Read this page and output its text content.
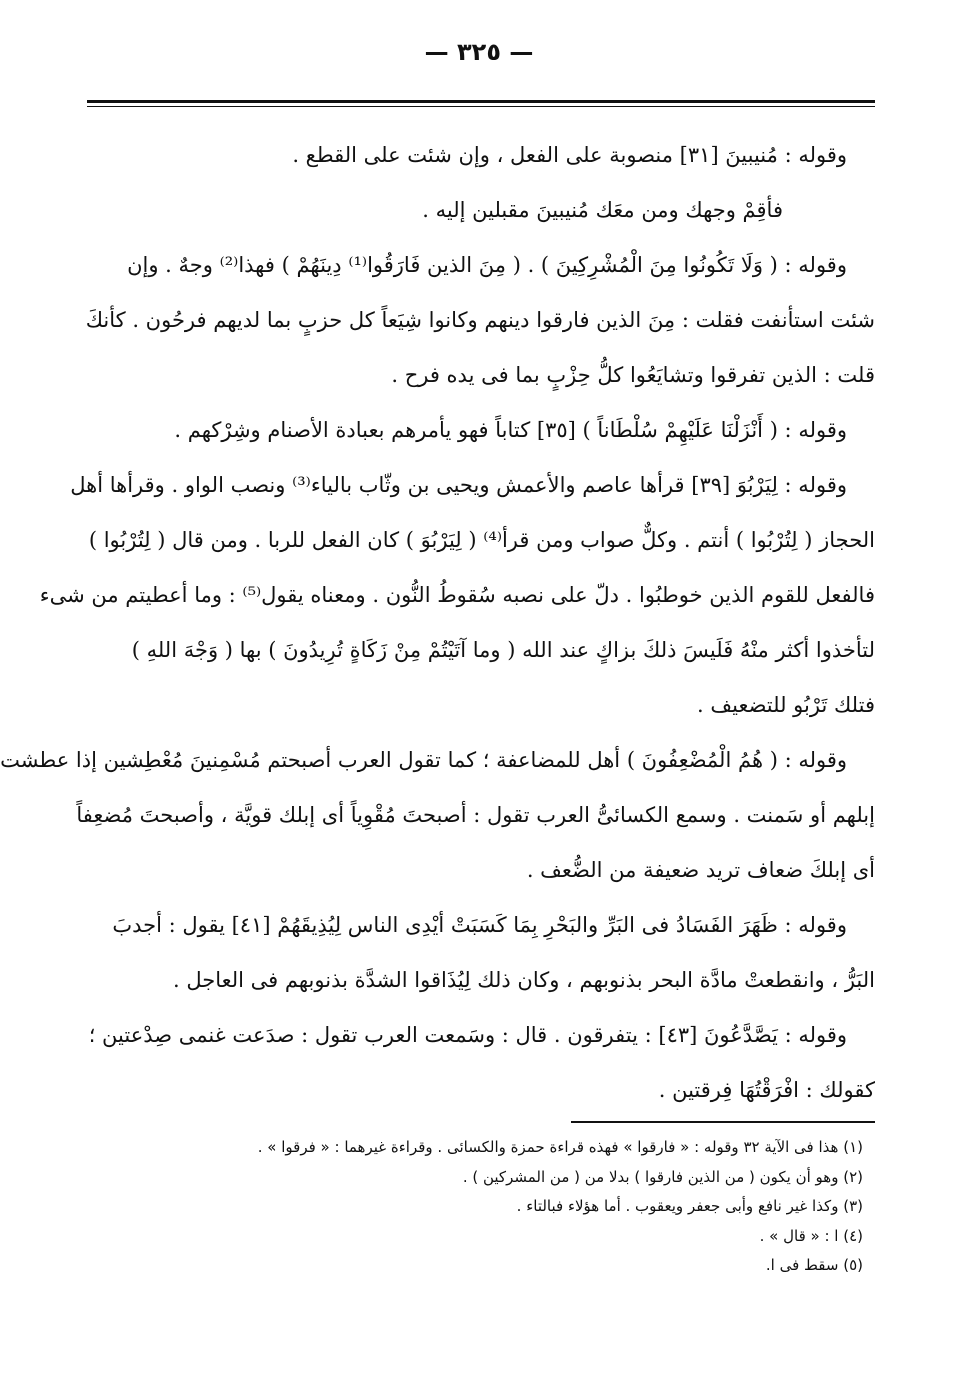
— ٣٢٥ —
وقوله : مُنيبينَ [٣١] منصوبة على الفعل ، وإن شئت على القطع .
فأقِمْ وجهك ومن معَك مُنيبينَ مقبلين إليه .
وقوله : ( وَلَا تَكُونُوا مِنَ الْمُشْرِكِينَ ) . ( مِنَ الذين فَارَقُوا⁽¹⁾ دِينَهُمْ ) فهذا⁽²⁾ وجهٌ . وإن
شئت استأنفت فقلت : مِنَ الذين فارقوا دينهم وكانوا شِيَعاً كل حزبٍ بما لديهم فرحُون . كأنكَ
قلت : الذين تفرقوا وتشايَعُوا كلُّ حِزْبٍ بما فى يده فرح .
وقوله : ( أَنْزَلْنَا عَلَيْهِمْ سُلْطَاناً ) [٣٥] كتاباً فهو يأمرهم بعبادة الأصنام وشِرْكهم .
وقوله : لِيَرْبُوَ [٣٩] قرأها عاصم والأعمش ويحيى بن وثّاب بالياء⁽³⁾ ونصب الواو . وقرأها أهل
الحجاز ( لِتُرْبُوا ) أنتم . وكلٌّ صواب ومن قرأ⁽⁴⁾ ( لِيَرْبُوَ ) كان الفعل للربا . ومن قال ( لِتُرْبُوا )
فالفعل للقوم الذين خوطبُوا . دلّ على نصبه سُقوطُ النُّون . ومعناه يقول⁽⁵⁾ : وما أعطيتم من شىء
لتأخذوا أكثر منْهُ فَلَيسَ ذلكَ بزاكٍ عند الله ( وما آتَيْتُمْ مِنْ زَكَاةٍ تُرِيدُونَ ) بها ( وَجْهَ اللهِ )
فتلك تَرْبُو للتضعيف .
وقوله : ( هُمُ الْمُضْعِفُونَ ) أهل للمضاعفة ؛ كما تقول العرب أصبحتم مُسْمِنينَ مُعْطِشين إذا عطشت
إبلهم أو سَمنت . وسمع الكسائىُّ العرب تقول : أصبحتَ مُقْوِياً أى إبلك قويَّة ، وأصبحتَ مُضعِفاً
أى إبلكَ ضعاف تريد ضعيفة من الضُّعف .
وقوله : ظَهَرَ الفَسَادُ فى البَرِّ والبَحْرِ بِمَا كَسَبَتْ أيْدِى الناس لِيُذِيقَهُمْ [٤١] يقول : أجدبَ
البَرُّ ، وانقطعتْ مادَّة البحر بذنوبهم ، وكان ذلك لِيُذَاقوا الشدَّة بذنوبهم فى العاجل .
وقوله : يَصَّدَّعُونَ [٤٣] : يتفرقون . قال : وسَمعت العرب تقول : صدَعت غنمى صِدْعتين ؛
كقولك : افْرَقْتُهَا فِرقتين .
(١) هذا فى الآية ٣٢ وقوله : « فارقوا » فهذه قراءة حمزة والكسائى . وقراءة غيرهما : « فرقوا » .
(٢) وهو أن يكون ( من الذين فارقوا ) بدلا من ( من المشركين ) .
(٣) وكذا غير نافع وأبى جعفر ويعقوب . أما هؤلاء فبالتاء .
(٤) ا : « قال » .
(٥) سقط فى ا.
